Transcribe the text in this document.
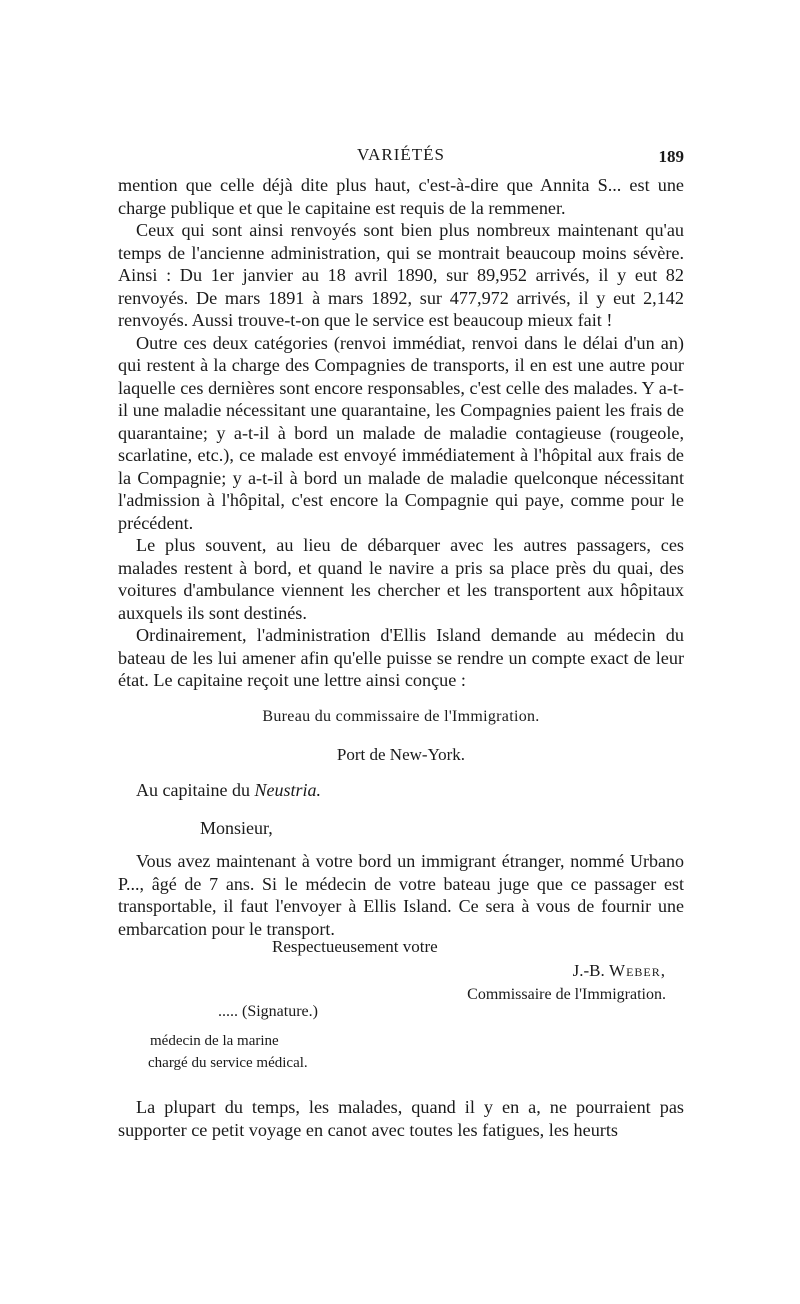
VARIÉTÉS	189

mention que celle déjà dite plus haut, c'est-à-dire que Annita S... est une charge publique et que le capitaine est requis de la remmener.

Ceux qui sont ainsi renvoyés sont bien plus nombreux maintenant qu'au temps de l'ancienne administration, qui se montrait beaucoup moins sévère. Ainsi : Du 1er janvier au 18 avril 1890, sur 89,952 arrivés, il y eut 82 renvoyés. De mars 1891 à mars 1892, sur 477,972 arrivés, il y eut 2,142 renvoyés. Aussi trouve-t-on que le service est beaucoup mieux fait !

Outre ces deux catégories (renvoi immédiat, renvoi dans le délai d'un an) qui restent à la charge des Compagnies de transports, il en est une autre pour laquelle ces dernières sont encore responsables, c'est celle des malades. Y a-t-il une maladie nécessitant une quarantaine, les Compagnies paient les frais de quarantaine; y a-t-il à bord un malade de maladie contagieuse (rougeole, scarlatine, etc.), ce malade est envoyé immédiatement à l'hôpital aux frais de la Compagnie; y a-t-il à bord un malade de maladie quelconque nécessitant l'admission à l'hôpital, c'est encore la Compagnie qui paye, comme pour le précédent.

Le plus souvent, au lieu de débarquer avec les autres passagers, ces malades restent à bord, et quand le navire a pris sa place près du quai, des voitures d'ambulance viennent les chercher et les transportent aux hôpitaux auxquels ils sont destinés.

Ordinairement, l'administration d'Ellis Island demande au médecin du bateau de les lui amener afin qu'elle puisse se rendre un compte exact de leur état. Le capitaine reçoit une lettre ainsi conçue :

Bureau du commissaire de l'Immigration.
Port de New-York.
Au capitaine du Neustria.
Monsieur,
Vous avez maintenant à votre bord un immigrant étranger, nommé Urbano P..., âgé de 7 ans. Si le médecin de votre bateau juge que ce passager est transportable, il faut l'envoyer à Ellis Island. Ce sera à vous de fournir une embarcation pour le transport.
Respectueusement votre
J.-B. Weber,
Commissaire de l'Immigration.
..... (Signature.)
médecin de la marine
chargé du service médical.

La plupart du temps, les malades, quand il y en a, ne pourraient pas supporter ce petit voyage en canot avec toutes les fatigues, les heurts
